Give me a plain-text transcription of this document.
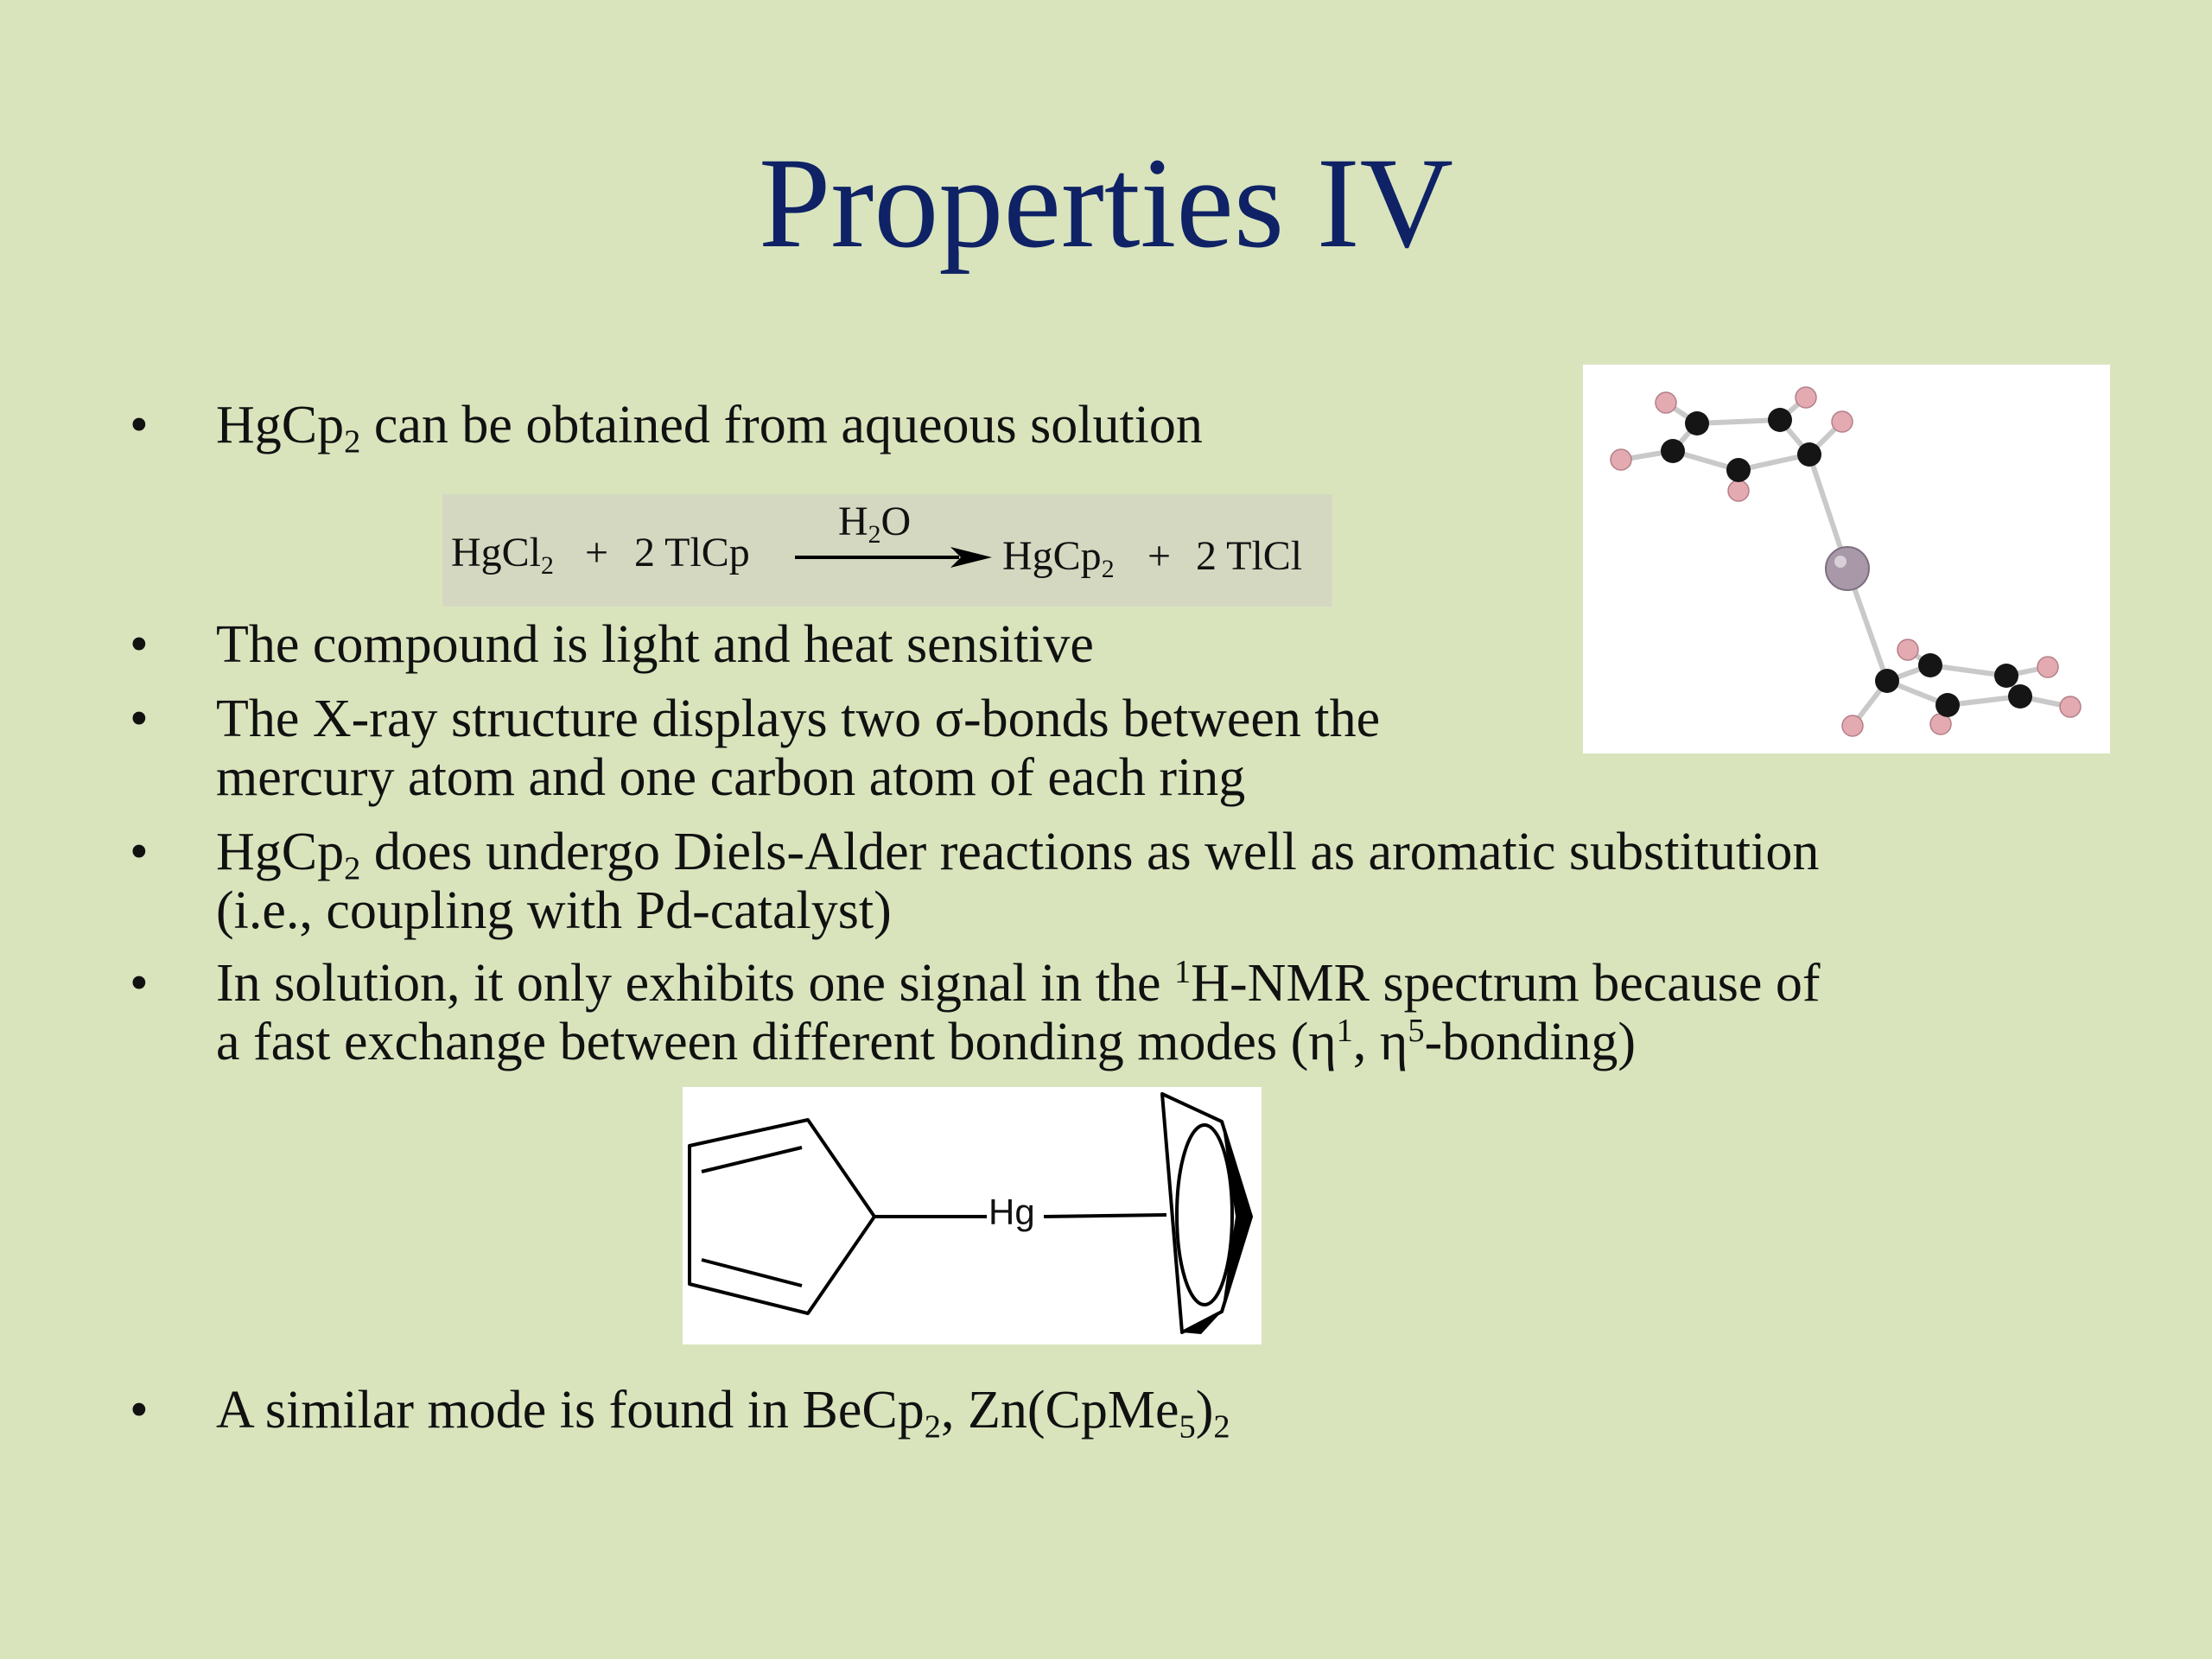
Properties IV
•	HgCp$_2$ can be obtained from aqueous solution
HgCl$_2$ + 2 TlCp
$H_2O$
HgCp$_2$ + 2 TlCl
•	The compound is light and heat sensitive
•	The X-ray structure displays two σ-bonds between the
mercury atom and one carbon atom of each ring
•	HgCp$_2$ does undergo Diels-Alder reactions as well as aromatic substitution
(i.e., coupling with Pd-catalyst)
•	In solution, it only exhibits one signal in the $^1$H-NMR spectrum because of
a fast exchange between different bonding modes ($\eta^1$, $\eta^5-bonding$)
•	A similar mode is found in BeCp$_2$, $Zn(CpMe_5)_2$
Hg
